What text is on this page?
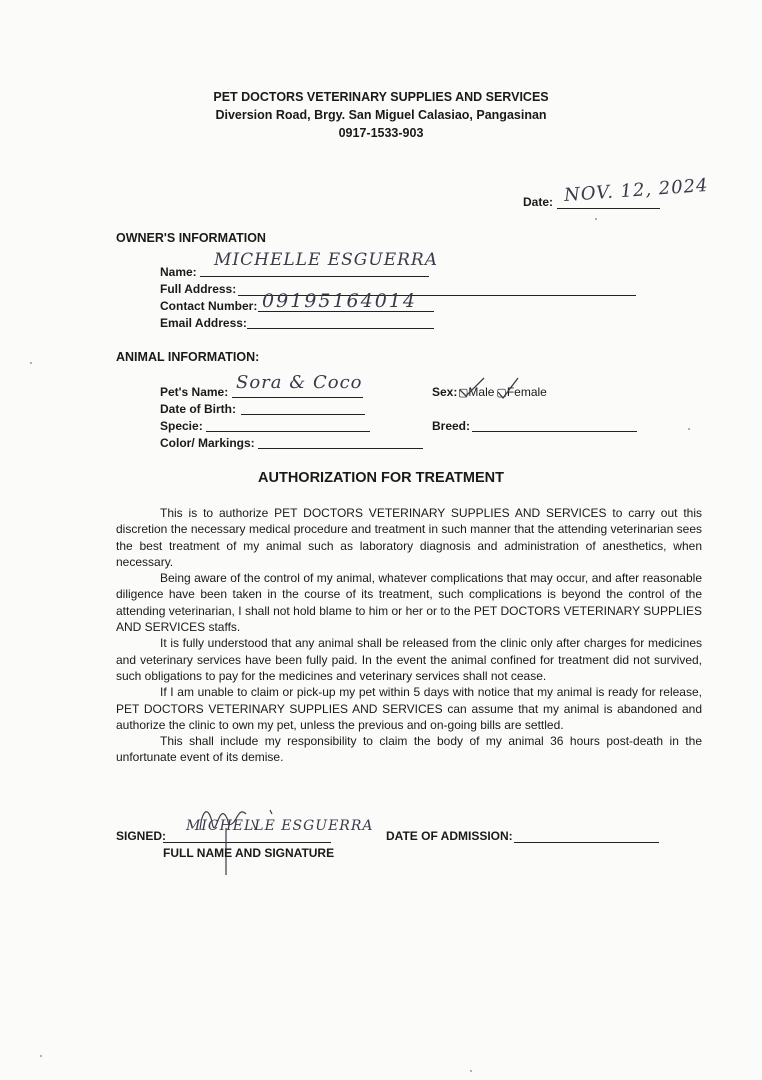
PET DOCTORS VETERINARY SUPPLIES AND SERVICES
Diversion Road, Brgy. San Miguel Calasiao, Pangasinan
0917-1533-903
Date: NOV. 12, 2024
OWNER'S INFORMATION
Name:
MICHELLE ESGUERRA
Full Address:
Contact Number: 09195164014
Email Address:
ANIMAL INFORMATION:
Pet's Name: Sora & Coco
Date of Birth:
Specie:
Color/ Markings:
Sex: ▢Male ▢Female
Breed:
AUTHORIZATION FOR TREATMENT

This is to authorize PET DOCTORS VETERINARY SUPPLIES AND SERVICES to carry out this discretion the necessary medical procedure and treatment in such manner that the attending veterinarian sees the best treatment of my animal such as laboratory diagnosis and administration of anesthetics, when necessary.

Being aware of the control of my animal, whatever complications that may occur, and after reasonable diligence have been taken in the course of its treatment, such complications is beyond the control of the attending veterinarian, I shall not hold blame to him or her or to the PET DOCTORS VETERINARY SUPPLIES AND SERVICES staffs.

It is fully understood that any animal shall be released from the clinic only after charges for medicines and veterinary services have been fully paid. In the event the animal confined for treatment did not survived, such obligations to pay for the medicines and veterinary services shall not cease.

If I am unable to claim or pick-up my pet within 5 days with notice that my animal is ready for release, PET DOCTORS VETERINARY SUPPLIES AND SERVICES can assume that my animal is abandoned and authorize the clinic to own my pet, unless the previous and on-going bills are settled.

This shall include my responsibility to claim the body of my animal 36 hours post-death in the unfortunate event of its demise.

SIGNED:
MICHELLE ESGUERRA
FULL NAME AND SIGNATURE
DATE OF ADMISSION:
